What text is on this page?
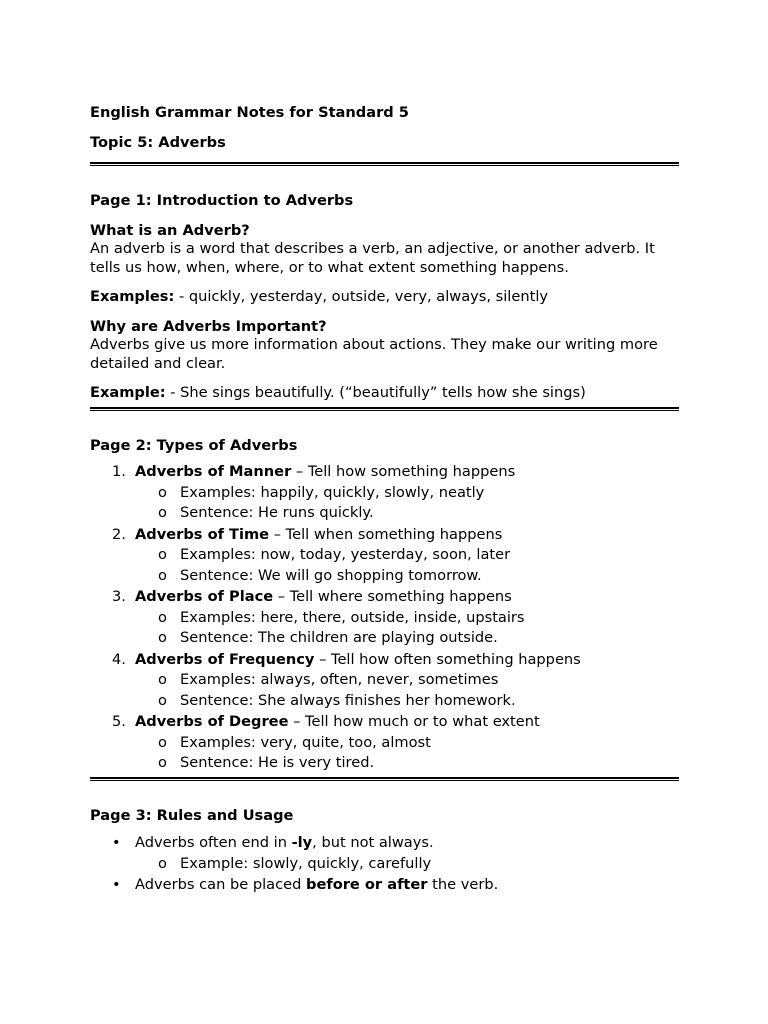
English Grammar Notes for Standard 5

Topic 5: Adverbs

Page 1: Introduction to Adverbs

What is an Adverb?

An adverb is a word that describes a verb, an adjective, or another adverb. It tells us how, when, where, or to what extent something happens.

Examples: - quickly, yesterday, outside, very, always, silently

Why are Adverbs Important?

Adverbs give us more information about actions. They make our writing more detailed and clear.

Example: - She sings beautifully. (“beautifully” tells how she sings)

Page 2: Types of Adverbs

1. Adverbs of Manner – Tell how something happens
o Examples: happily, quickly, slowly, neatly
o Sentence: He runs quickly.
2. Adverbs of Time – Tell when something happens
o Examples: now, today, yesterday, soon, later
o Sentence: We will go shopping tomorrow.
3. Adverbs of Place – Tell where something happens
o Examples: here, there, outside, inside, upstairs
o Sentence: The children are playing outside.
4. Adverbs of Frequency – Tell how often something happens
o Examples: always, often, never, sometimes
o Sentence: She always finishes her homework.
5. Adverbs of Degree – Tell how much or to what extent
o Examples: very, quite, too, almost
o Sentence: He is very tired.

Page 3: Rules and Usage

• Adverbs often end in -ly, but not always.
o Example: slowly, quickly, carefully
• Adverbs can be placed before or after the verb.
